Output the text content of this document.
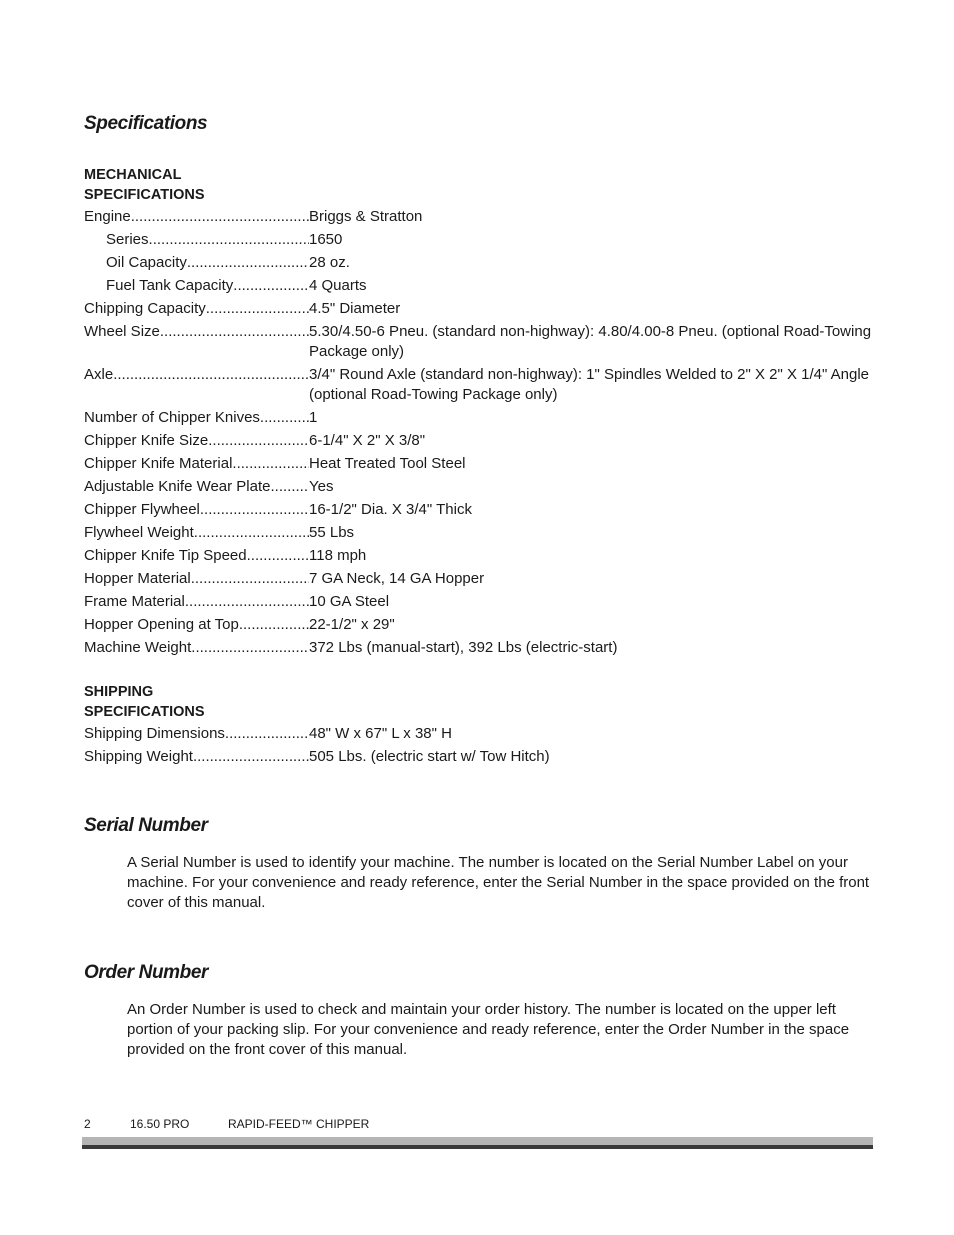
Specifications
MECHANICAL
SPECIFICATIONS
Engine .....	Briggs & Stratton
Series .....	1650
Oil Capacity .....	28 oz.
Fuel Tank Capacity .....	4 Quarts
Chipping Capacity .....	4.5" Diameter
Wheel Size .....	5.30/4.50-6 Pneu. (standard non-highway): 4.80/4.00-8 Pneu. (optional Road-Towing Package only)
Axle .....	3/4" Round Axle (standard non-highway): 1" Spindles Welded to 2" X 2" X 1/4" Angle (optional Road-Towing Package only)
Number of Chipper Knives .....	1
Chipper Knife Size .....	6-1/4" X 2" X 3/8"
Chipper Knife Material .....	Heat Treated Tool Steel
Adjustable Knife Wear Plate .....	Yes
Chipper Flywheel .....	16-1/2" Dia. X 3/4" Thick
Flywheel Weight .....	55 Lbs
Chipper Knife Tip Speed .....	118 mph
Hopper Material .....	7 GA Neck, 14 GA Hopper
Frame Material .....	10 GA Steel
Hopper Opening at Top .....	22-1/2" x 29"
Machine Weight .....	372 Lbs (manual-start), 392 Lbs (electric-start)
SHIPPING
SPECIFICATIONS
Shipping Dimensions .....	48" W x 67" L x 38" H
Shipping Weight .....	505 Lbs. (electric start w/ Tow Hitch)
Serial Number

A Serial Number is used to identify your machine. The number is located on the Serial Number Label on your machine. For your convenience and ready reference, enter the Serial Number in the space provided on the front cover of this manual.

Order Number

An Order Number is used to check and maintain your order history. The number is located on the upper left portion of your packing slip. For your convenience and ready reference, enter the Order Number in the space provided on the front cover of this manual.

2	16.50 PRO	RAPID-FEED™ CHIPPER
